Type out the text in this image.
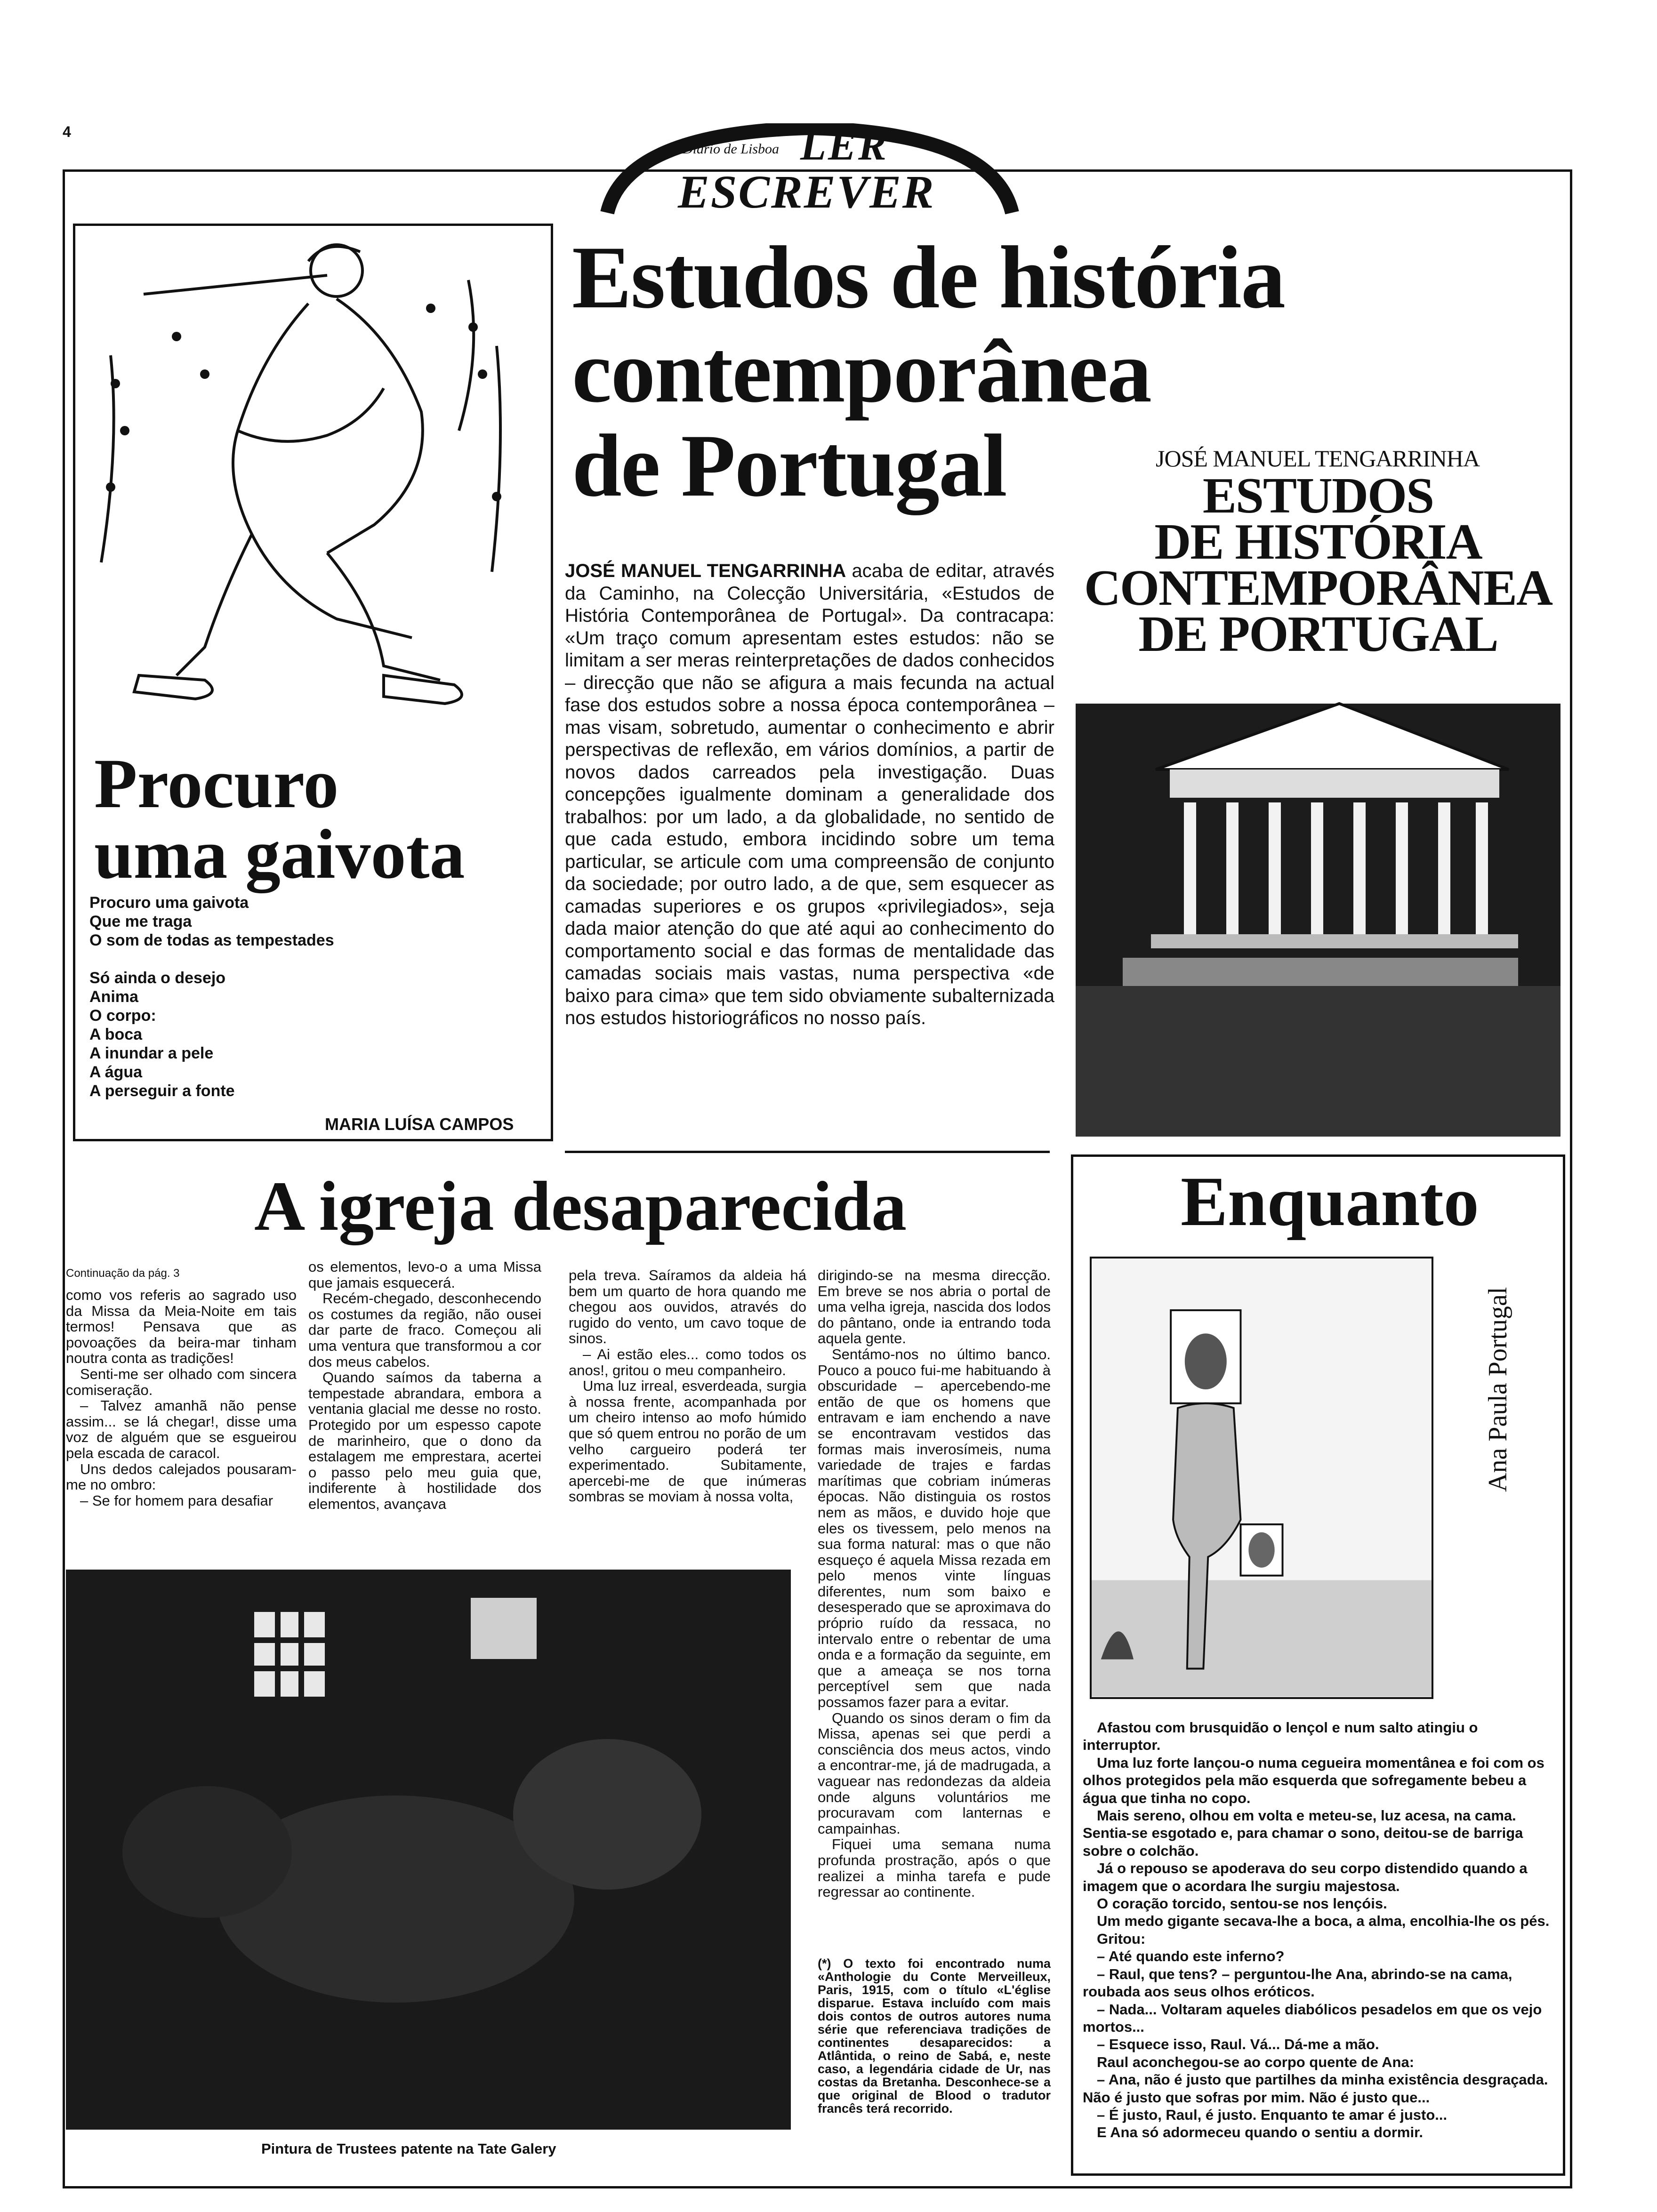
4
Diario de Lisboa LER
ESCREVER
Procuro
uma gaivota
Procuro uma gaivota
Que me traga
O som de todas as tempestades
Só ainda o desejo
Anima
O corpo:
A boca
A inundar a pele
A água
A perseguir a fonte
MARIA LUÍSA CAMPOS
Estudos de história
contemporânea
de Portugal
JOSÉ MANUEL TENGARRINHA acaba de editar, através da Caminho, na Colecção Universitária, «Estudos de História Contemporânea de Portugal». Da contracapa: «Um traço comum apresentam estes estudos: não se limitam a ser meras reinterpretações de dados conhecidos – direcção que não se afigura a mais fecunda na actual fase dos estudos sobre a nossa época contemporânea – mas visam, sobretudo, aumentar o conhecimento e abrir perspectivas de reflexão, em vários domínios, a partir de novos dados carreados pela investigação. Duas concepções igualmente dominam a generalidade dos trabalhos: por um lado, a da globalidade, no sentido de que cada estudo, embora incidindo sobre um tema particular, se articule com uma compreensão de conjunto da sociedade; por outro lado, a de que, sem esquecer as camadas superiores e os grupos «privilegiados», seja dada maior atenção do que até aqui ao conhecimento do comportamento social e das formas de mentalidade das camadas sociais mais vastas, numa perspectiva «de baixo para cima» que tem sido obviamente subalternizada nos estudos historiográficos no nosso país.
JOSÉ MANUEL TENGARRINHA
ESTUDOS
DE HISTÓRIA
CONTEMPORÂNEA
DE PORTUGAL
A igreja desaparecida
Continuação da pág. 3

como vos referis ao sagrado uso da Missa da Meia-Noite em tais termos! Pensava que as povoações da beira-mar tinham noutra conta as tradições!

Senti-me ser olhado com sincera comiseração.

– Talvez amanhã não pense assim... se lá chegar!, disse uma voz de alguém que se esgueirou pela escada de caracol.

Uns dedos calejados pousaram-me no ombro:

– Se for homem para desafiar

os elementos, levo-o a uma Missa que jamais esquecerá.

Recém-chegado, desconhecendo os costumes da região, não ousei dar parte de fraco. Começou ali uma ventura que transformou a cor dos meus cabelos.

Quando saímos da taberna a tempestade abrandara, embora a ventania glacial me desse no rosto. Protegido por um espesso capote de marinheiro, que o dono da estalagem me emprestara, acertei o passo pelo meu guia que, indiferente à hostilidade dos elementos, avançava

pela treva. Saíramos da aldeia há bem um quarto de hora quando me chegou aos ouvidos, através do rugido do vento, um cavo toque de sinos.

– Ai estão eles... como todos os anos!, gritou o meu companheiro.

Uma luz irreal, esverdeada, surgia à nossa frente, acompanhada por um cheiro intenso ao mofo húmido que só quem entrou no porão de um velho cargueiro poderá ter experimentado. Subitamente, apercebi-me de que inúmeras sombras se moviam à nossa volta,

dirigindo-se na mesma direcção. Em breve se nos abria o portal de uma velha igreja, nascida dos lodos do pântano, onde ia entrando toda aquela gente.

Sentámo-nos no último banco. Pouco a pouco fui-me habituando à obscuridade – apercebendo-me então de que os homens que entravam e iam enchendo a nave se encontravam vestidos das formas mais inverosímeis, numa variedade de trajes e fardas marítimas que cobriam inúmeras épocas. Não distinguia os rostos nem as mãos, e duvido hoje que eles os tivessem, pelo menos na sua forma natural: mas o que não esqueço é aquela Missa rezada em pelo menos vinte línguas diferentes, num som baixo e desesperado que se aproximava do próprio ruído da ressaca, no intervalo entre o rebentar de uma onda e a formação da seguinte, em que a ameaça se nos torna perceptível sem que nada possamos fazer para a evitar.

Quando os sinos deram o fim da Missa, apenas sei que perdi a consciência dos meus actos, vindo a encontrar-me, já de madrugada, a vaguear nas redondezas da aldeia onde alguns voluntários me procuravam com lanternas e campainhas.

Fiquei uma semana numa profunda prostração, após o que realizei a minha tarefa e pude regressar ao continente.

(*) O texto foi encontrado numa «Anthologie du Conte Merveilleux, Paris, 1915, com o título «L'église disparue. Estava incluído com mais dois contos de outros autores numa série que referenciava tradições de continentes desaparecidos: a Atlântida, o reino de Sabá, e, neste caso, a legendária cidade de Ur, nas costas da Bretanha. Desconhece-se a que original de Blood o tradutor francês terá recorrido.
Pintura de Trustees patente na Tate Galery
Enquanto
Ana Paula Portugal

Afastou com brusquidão o lençol e num salto atingiu o interruptor.

Uma luz forte lançou-o numa cegueira momentânea e foi com os olhos protegidos pela mão esquerda que sofregamente bebeu a água que tinha no copo.

Mais sereno, olhou em volta e meteu-se, luz acesa, na cama. Sentia-se esgotado e, para chamar o sono, deitou-se de barriga sobre o colchão.

Já o repouso se apoderava do seu corpo distendido quando a imagem que o acordara lhe surgiu majestosa.

O coração torcido, sentou-se nos lençóis.

Um medo gigante secava-lhe a boca, a alma, encolhia-lhe os pés.

Gritou:

– Até quando este inferno?

– Raul, que tens? – perguntou-lhe Ana, abrindo-se na cama, roubada aos seus olhos eróticos.

– Nada... Voltaram aqueles diabólicos pesadelos em que os vejo mortos...

– Esquece isso, Raul. Vá... Dá-me a mão.

Raul aconchegou-se ao corpo quente de Ana:

– Ana, não é justo que partilhes da minha existência desgraçada. Não é justo que sofras por mim. Não é justo que...

– É justo, Raul, é justo. Enquanto te amar é justo...

E Ana só adormeceu quando o sentiu a dormir.
